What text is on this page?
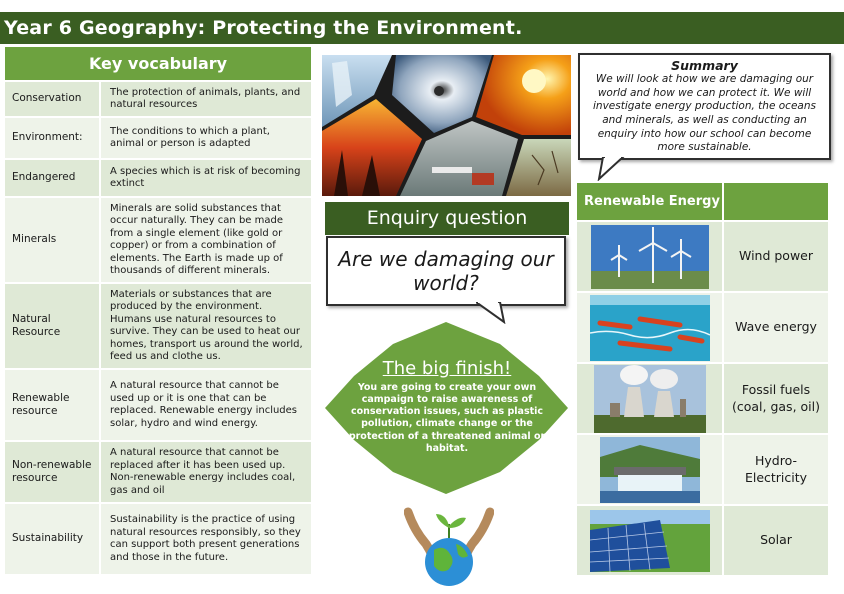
Year 6 Geography: Protecting the Environment.
Key vocabulary
Conservation
The protection of animals, plants, and natural resources
Environment:
The conditions to which a plant, animal or person is adapted
Endangered
A species which is at risk of becoming extinct
Minerals
Minerals are solid substances that occur naturally. They can be made from a single element (like gold or copper) or from a combination of elements. The Earth is made up of thousands of different minerals.
Natural Resource
Materials or substances that are produced by the environment. Humans use natural resources to survive. They can be used to heat our homes, transport us around the world, feed us and clothe us.
Renewable resource
A natural resource that cannot be used up or it is one that can be replaced. Renewable energy includes solar, hydro and wind energy.
Non-renewable resource
A natural resource that cannot be replaced after it has been used up. Non-renewable energy includes coal, gas and oil
Sustainability
Sustainability is the practice of using natural resources responsibly, so they can support both present generations and those in the future.
Enquiry question
Are we damaging our world?
The big finish!
You are going to create your own campaign to raise awareness of conservation issues, such as plastic pollution, climate change or the protection of a threatened animal or habitat.
Summary
We will look at how we are damaging our world and how we can protect it. We will investigate energy production, the oceans and minerals, as well as conducting an enquiry into how our school can become more sustainable.
Renewable Energy
Wind power
Wave energy
Fossil fuels (coal, gas, oil)
Hydro-
Electricity
Solar
